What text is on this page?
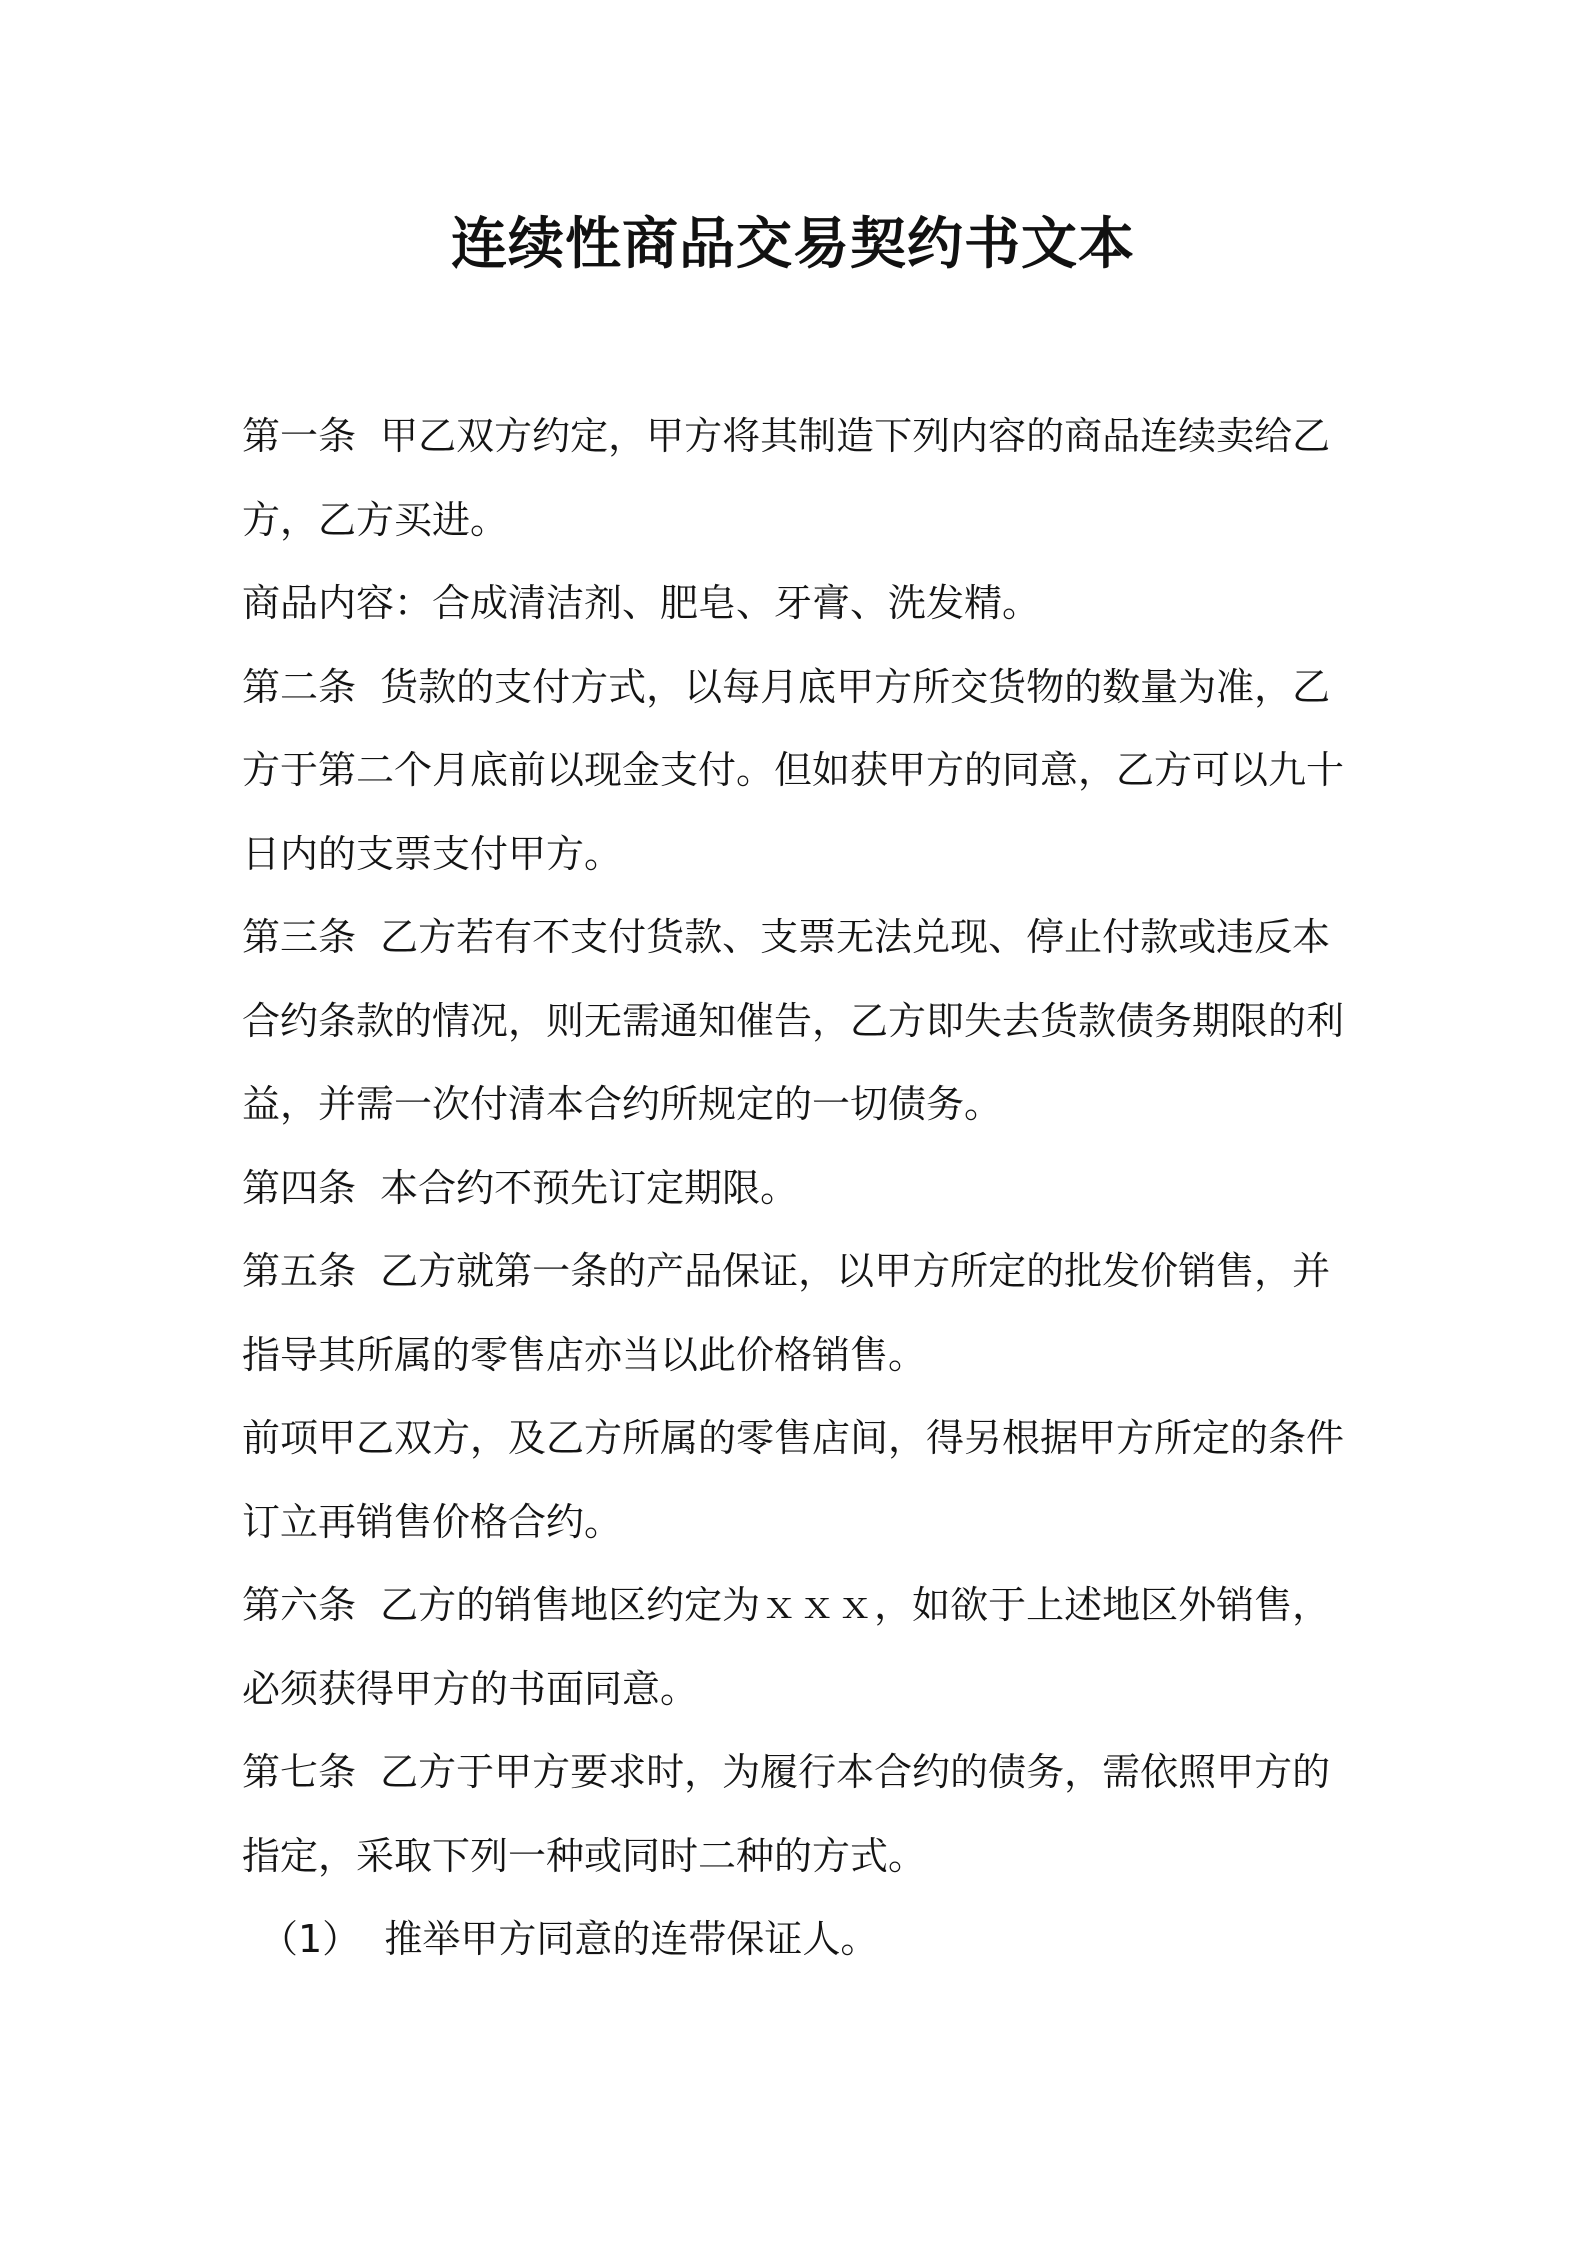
连续性商品交易契约书文本

第一条  甲乙双方约定，甲方将其制造下列内容的商品连续卖给乙方，乙方买进。

商品内容：合成清洁剂、肥皂、牙膏、洗发精。

第二条  货款的支付方式，以每月底甲方所交货物的数量为准，乙方于第二个月底前以现金支付。但如获甲方的同意，乙方可以九十日内的支票支付甲方。

第三条  乙方若有不支付货款、支票无法兑现、停止付款或违反本合约条款的情况，则无需通知催告，乙方即失去货款债务期限的利益，并需一次付清本合约所规定的一切债务。

第四条  本合约不预先订定期限。

第五条  乙方就第一条的产品保证，以甲方所定的批发价销售，并指导其所属的零售店亦当以此价格销售。

前项甲乙双方，及乙方所属的零售店间，得另根据甲方所定的条件订立再销售价格合约。

第六条  乙方的销售地区约定为ｘｘｘ，如欲于上述地区外销售，必须获得甲方的书面同意。

第七条  乙方于甲方要求时，为履行本合约的债务，需依照甲方的指定，采取下列一种或同时二种的方式。

（1）  推举甲方同意的连带保证人。
